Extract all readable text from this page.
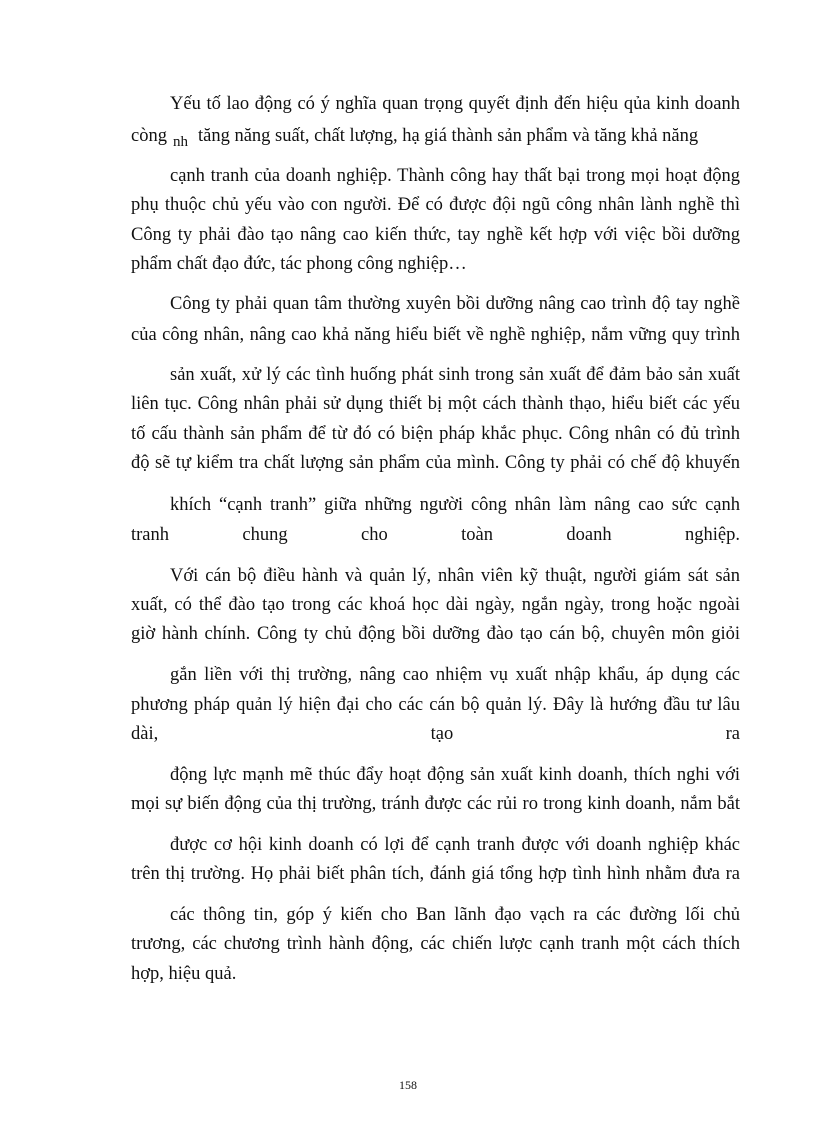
Yếu tố lao động có ý nghĩa quan trọng quyết định đến hiệu qủa kinh doanh
còng $_{nh}$ tăng năng suất, chất lượng, hạ giá thành sản phẩm và tăng khả năng
cạnh tranh của doanh nghiệp. Thành công hay thất bại trong mọi hoạt động
phụ thuộc chủ yếu vào con người. Để có được đội ngũ công nhân lành nghề thì
Công ty phải đào tạo nâng cao kiến thức, tay nghề kết hợp với việc bồi dưỡng
phẩm chất đạo đức, tác phong công nghiệp…
Công ty phải quan tâm thường xuyên bồi dưỡng nâng cao trình độ tay nghề
của công nhân, nâng cao khả năng hiểu biết về nghề nghiệp, nắm vững quy trình
sản xuất, xử lý các tình huống phát sinh trong sản xuất để đảm bảo sản xuất
liên tục. Công nhân phải sử dụng thiết bị một cách thành thạo, hiểu biết các yếu
tố cấu thành sản phẩm để từ đó có biện pháp khắc phục. Công nhân có đủ trình
độ sẽ tự kiểm tra chất lượng sản phẩm của mình. Công ty phải có chế độ khuyến
khích “cạnh tranh” giữa những người công nhân làm nâng cao sức cạnh
tranh	chung	cho	toàn	doanh	nghiệp.
Với cán bộ điều hành và quản lý, nhân viên kỹ thuật, người giám sát sản
xuất, có thể đào tạo trong các khoá học dài ngày, ngắn ngày, trong hoặc ngoài
giờ hành chính. Công ty chủ động bồi dưỡng đào tạo cán bộ, chuyên môn giỏi
gắn liền với thị trường, nâng cao nhiệm vụ xuất nhập khẩu, áp dụng các
phương pháp quản lý hiện đại cho các cán bộ quản lý. Đây là hướng đầu tư lâu
dài,	tạo	ra
động lực mạnh mẽ thúc đẩy hoạt động sản xuất kinh doanh, thích nghi với
mọi sự biến động của thị trường, tránh được các rủi ro trong kinh doanh, nắm bắt
được cơ hội kinh doanh có lợi để cạnh tranh được với doanh nghiệp khác
trên thị trường. Họ phải biết phân tích, đánh giá tổng hợp tình hình nhằm đưa ra
các thông tin, góp ý kiến cho Ban lãnh đạo vạch ra các đường lối chủ
trương, các chương trình hành động, các chiến lược cạnh tranh một cách thích
hợp, hiệu quả.
158
